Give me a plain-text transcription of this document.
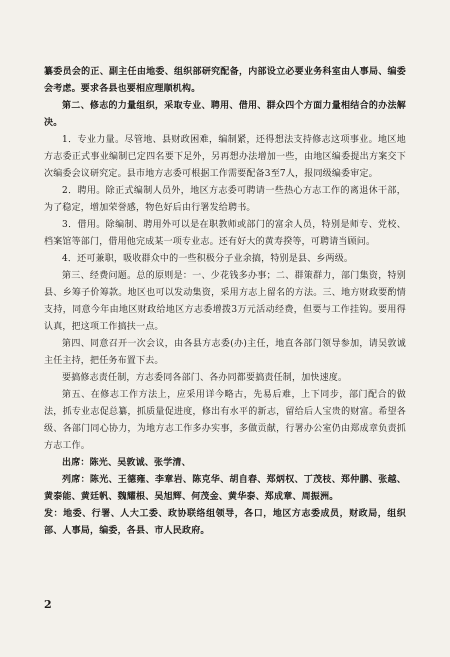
纂委员会的正、副主任由地委、组织部研究配备，内部设立必要业务科室由人事局、编委会考虑。要求各县也要相应理顺机构。

第二、修志的力量组织，采取专业、聘用、借用、群众四个方面力量相结合的办法解决。

1．专业力量。尽管地、县财政困难，编制紧，还得想法支持修志这项事业。地区地方志委正式事业编制已定四名要下足外，另再想办法增加一些，由地区编委提出方案交下次编委会议研究定。县市地方志委可根据工作需要配备3至7人，报同级编委审定。

2．聘用。除正式编制人员外，地区方志委可聘请一些热心方志工作的离退休干部，为了稳定，增加荣誉感，物色好后由行署发给聘书。

3．借用。除编制、聘用外可以是在职教师或部门的富余人员，特别是师专、党校、档案馆等部门，借用他完成某一项专业志。还有好大的黄寿揆等，可聘请当顾问。

4．还可兼职，吸收群众中的一些积极分子业余搞，特别是县、乡两级。

第三、经费问题。总的原则是：一、少花钱多办事；二、群策群力，部门集资，特别县、乡筹子价筹款。地区也可以发动集资，采用方志上留名的方法。三、地方财政要酌情支持，同意今年由地区财政给地区方志委增拨3万元活动经费，但要与工作挂钩。要用得认真，把这项工作搞扶一点。

第四、同意召开一次会议，由各县方志委(办)主任，地直各部门领导参加，请吴敦诚主任主持，把任务布置下去。

要搞修志责任制，方志委同各部门、各办同都要搞责任制，加快速度。

第五、在修志工作方法上，应采用详今略古，先易后难，上下同步，部门配合的做法，抓专业志促总纂，抓质量促进度，修出有水平的新志，留给后人宝贵的财富。希望各级、各部门同心协力，为地方志工作多办实事，多做贡献，行署办公室仍由郑成章负责抓方志工作。

出席：陈光、吴敦诚、张学清、

列席：陈光、王德雍、李章岩、陈克华、胡自春、郑炳权、丁茂枝、郑仲鹏、张越、黄泰能、黄廷帆、魏耀根、吴旭辉、何茂金、黄华泰、郑成章、周振洲。

发：地委、行署、人大工委、政协联络组领导，各口，地区方志委成员，财政局，组织部、人事局，编委，各县、市人民政府。

2
